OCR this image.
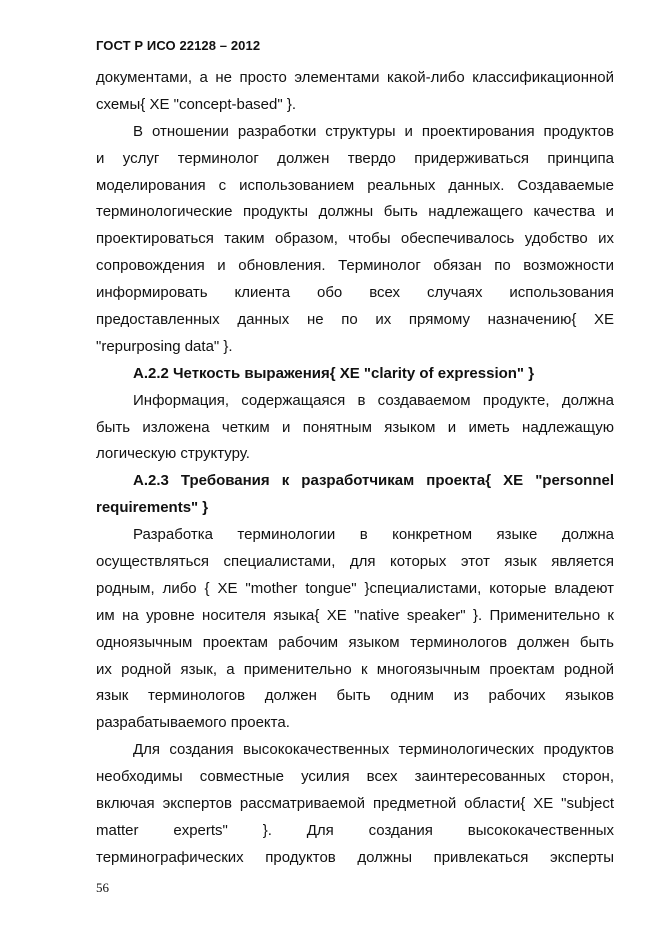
ГОСТ Р ИСО 22128 – 2012
документами, а не просто элементами какой-либо классификационной
схемы{ XE "concept-based" }.
В отношении разработки структуры и проектирования продуктов
и услуг терминолог должен твердо придерживаться принципа
моделирования с использованием реальных данных. Создаваемые
терминологические продукты должны быть надлежащего качества и
проектироваться таким образом, чтобы обеспечивалось удобство их
сопровождения и обновления. Терминолог обязан по возможности
информировать клиента обо всех случаях использования
предоставленных данных не по их прямому назначению{ XE
"repurposing data" }.
А.2.2 Четкость выражения{ XE "clarity of expression" }
Информация, содержащаяся в создаваемом продукте, должна
быть изложена четким и понятным языком и иметь надлежащую
логическую структуру.
А.2.3 Требования к разработчикам проекта{ XE "personnel
requirements" }
Разработка терминологии в конкретном языке должна
осуществляться специалистами, для которых этот язык является
родным, либо { XE "mother tongue" }специалистами, которые владеют
им на уровне носителя языка{ XE "native speaker" }. Применительно к
одноязычным проектам рабочим языком терминологов должен быть
их родной язык, а применительно к многоязычным проектам родной
язык терминологов должен быть одним из рабочих языков
разрабатываемого проекта.
Для создания высококачественных терминологических продуктов
необходимы совместные усилия всех заинтересованных сторон,
включая экспертов рассматриваемой предметной области{ XE "subject
matter experts" }. Для создания высококачественных
терминографических продуктов должны привлекаться эксперты
56
